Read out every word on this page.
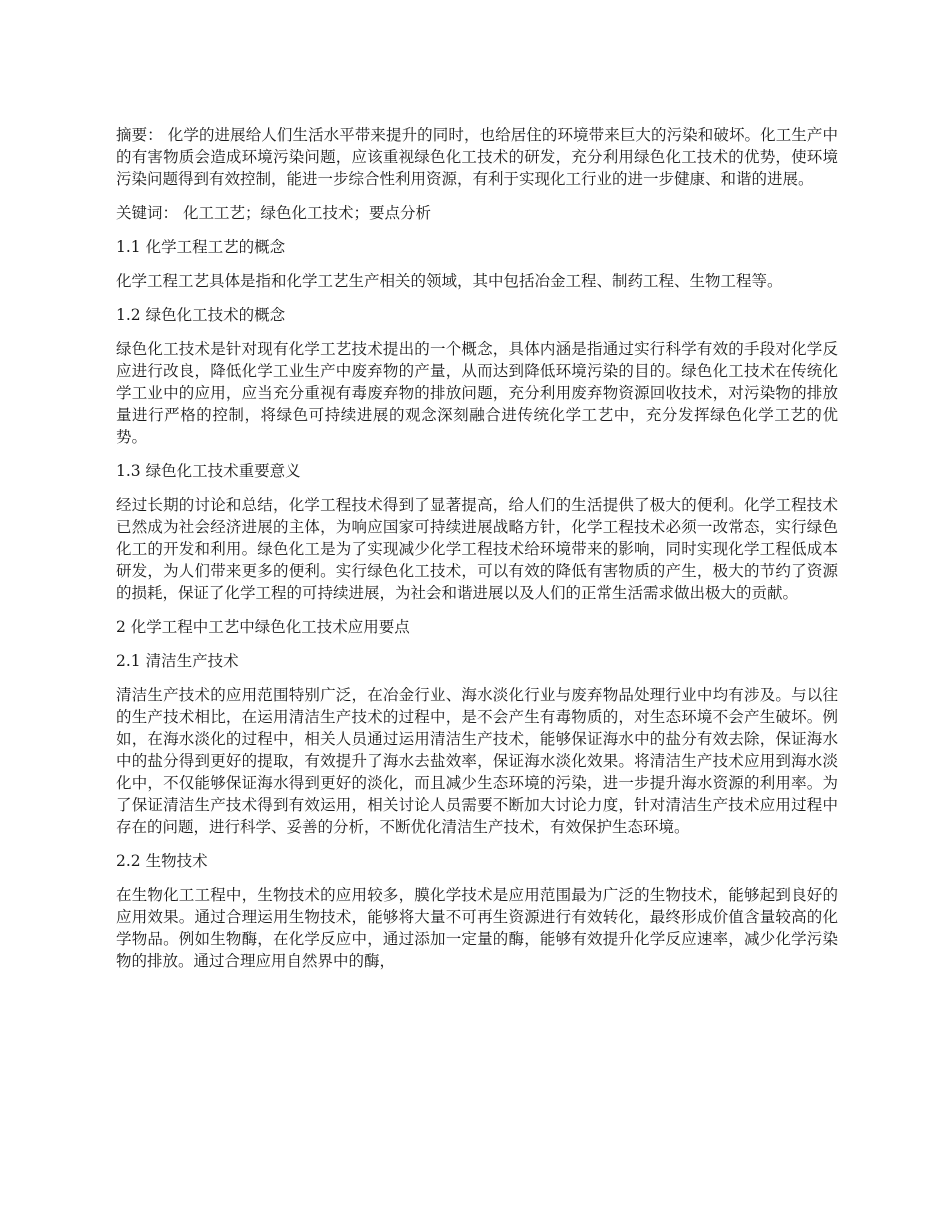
摘要： 化学的进展给人们生活水平带来提升的同时，也给居住的环境带来巨大的污染和破坏。化工生产中的有害物质会造成环境污染问题，应该重视绿色化工技术的研发，充分利用绿色化工技术的优势，使环境污染问题得到有效控制，能进一步综合性利用资源，有利于实现化工行业的进一步健康、和谐的进展。

关键词： 化工工艺；绿色化工技术；要点分析

1.1 化学工程工艺的概念

化学工程工艺具体是指和化学工艺生产相关的领域，其中包括冶金工程、制药工程、生物工程等。

1.2 绿色化工技术的概念

绿色化工技术是针对现有化学工艺技术提出的一个概念，具体内涵是指通过实行科学有效的手段对化学反应进行改良，降低化学工业生产中废弃物的产量，从而达到降低环境污染的目的。绿色化工技术在传统化学工业中的应用，应当充分重视有毒废弃物的排放问题，充分利用废弃物资源回收技术，对污染物的排放量进行严格的控制，将绿色可持续进展的观念深刻融合进传统化学工艺中，充分发挥绿色化学工艺的优势。

1.3 绿色化工技术重要意义

经过长期的讨论和总结，化学工程技术得到了显著提高，给人们的生活提供了极大的便利。化学工程技术已然成为社会经济进展的主体，为响应国家可持续进展战略方针，化学工程技术必须一改常态，实行绿色化工的开发和利用。绿色化工是为了实现减少化学工程技术给环境带来的影响，同时实现化学工程低成本研发，为人们带来更多的便利。实行绿色化工技术，可以有效的降低有害物质的产生，极大的节约了资源的损耗，保证了化学工程的可持续进展，为社会和谐进展以及人们的正常生活需求做出极大的贡献。

2 化学工程中工艺中绿色化工技术应用要点

2.1 清洁生产技术

清洁生产技术的应用范围特别广泛，在冶金行业、海水淡化行业与废弃物品处理行业中均有涉及。与以往的生产技术相比，在运用清洁生产技术的过程中，是不会产生有毒物质的，对生态环境不会产生破坏。例如，在海水淡化的过程中，相关人员通过运用清洁生产技术，能够保证海水中的盐分有效去除，保证海水中的盐分得到更好的提取，有效提升了海水去盐效率，保证海水淡化效果。将清洁生产技术应用到海水淡化中，不仅能够保证海水得到更好的淡化，而且减少生态环境的污染，进一步提升海水资源的利用率。为了保证清洁生产技术得到有效运用，相关讨论人员需要不断加大讨论力度，针对清洁生产技术应用过程中存在的问题，进行科学、妥善的分析，不断优化清洁生产技术，有效保护生态环境。

2.2 生物技术

在生物化工工程中，生物技术的应用较多，膜化学技术是应用范围最为广泛的生物技术，能够起到良好的应用效果。通过合理运用生物技术，能够将大量不可再生资源进行有效转化，最终形成价值含量较高的化学物品。例如生物酶，在化学反应中，通过添加一定量的酶，能够有效提升化学反应速率，减少化学污染物的排放。通过合理应用自然界中的酶，
